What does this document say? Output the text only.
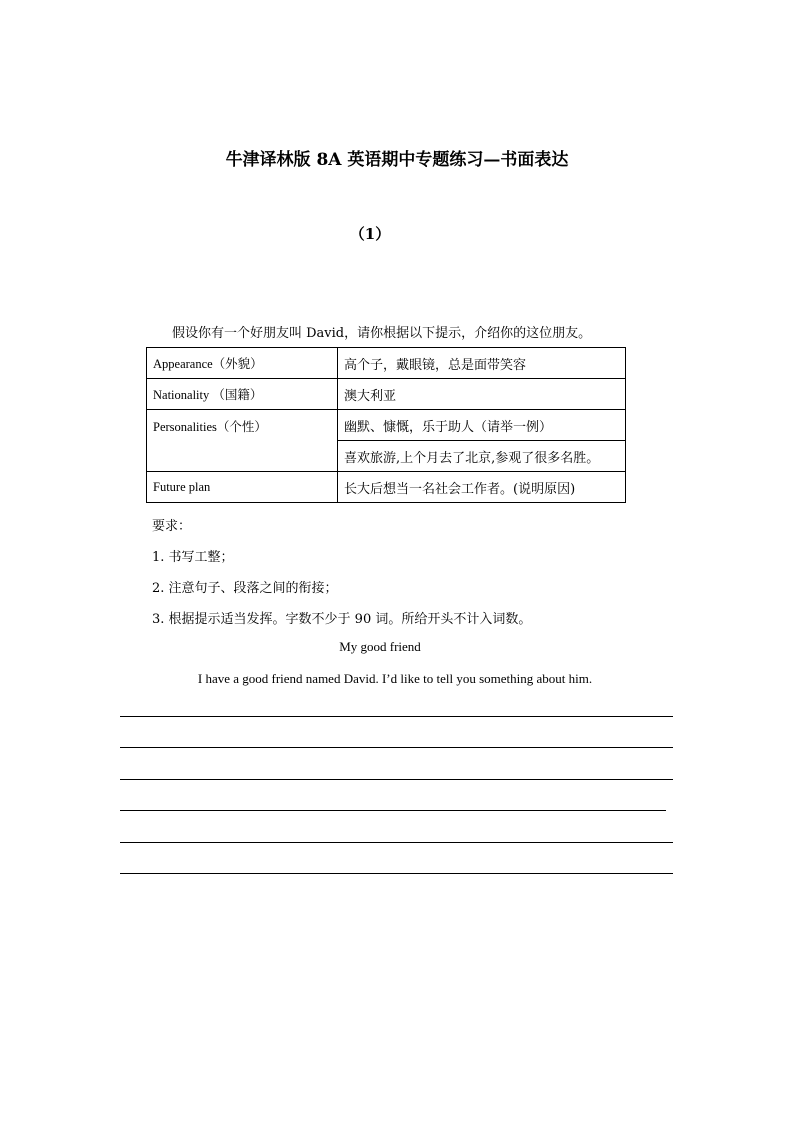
牛津译林版 8A 英语期中专题练习—书面表达
（1）
假设你有一个好朋友叫 David，请你根据以下提示，介绍你的这位朋友。
Appearance（外貌）	高个子，戴眼镜，总是面带笑容
Nationality （国籍）	澳大利亚
Personalities（个性）	幽默、慷慨，乐于助人（请举一例）
	喜欢旅游,上个月去了北京,参观了很多名胜。
Future plan	长大后想当一名社会工作者。(说明原因)
要求：
1. 书写工整；
2. 注意句子、段落之间的衔接；
3. 根据提示适当发挥。字数不少于 90 词。所给开头不计入词数。
My good friend
I have a good friend named David. I’d like to tell you something about him.
